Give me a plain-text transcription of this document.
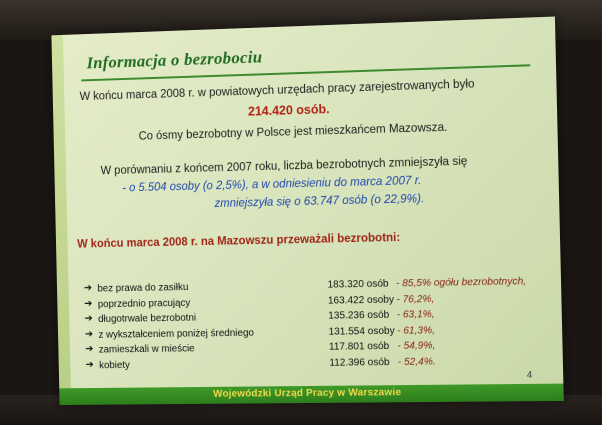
Informacja o bezrobociu
W końcu marca 2008 r. w powiatowych urzędach pracy zarejestrowanych było
214.420 osób.
Co ósmy bezrobotny w Polsce jest mieszkańcem Mazowsza.
W porównaniu z końcem 2007 roku, liczba bezrobotnych zmniejszyła się
- o 5.504 osoby (o 2,5%), a w odniesieniu do marca 2007 r.
zmniejszyła się o 63.747 osób (o 22,9%).
W końcu marca 2008 r. na Mazowszu przeważali bezrobotni:
➔ bez prawa do zasiłku	183.320 osób - 85,5% ogółu bezrobotnych,
➔ poprzednio pracujący	163.422 osoby - 76,2%,
➔ długotrwale bezrobotni	135.236 osób - 63,1%,
➔ z wykształceniem poniżej średniego	131.554 osoby - 61,3%,
➔ zamieszkali w mieście	117.801 osób - 54,9%,
➔ kobiety	112.396 osób - 52,4%.
4
Wojewódzki Urząd Pracy w Warszawie
